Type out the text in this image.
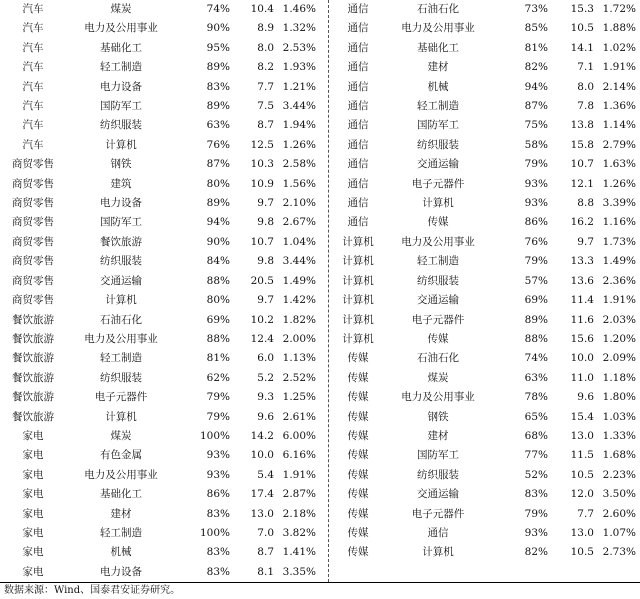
汽车	煤炭	74%	10.4	1.46%
汽车	电力及公用事业	90%	8.9	1.32%
汽车	基础化工	95%	8.0	2.53%
汽车	轻工制造	89%	8.2	1.93%
汽车	电力设备	83%	7.7	1.21%
汽车	国防军工	89%	7.5	3.44%
汽车	纺织服装	63%	8.7	1.94%
汽车	计算机	76%	12.5	1.26%
商贸零售	钢铁	87%	10.3	2.58%
商贸零售	建筑	80%	10.9	1.56%
商贸零售	电力设备	89%	9.7	2.10%
商贸零售	国防军工	94%	9.8	2.67%
商贸零售	餐饮旅游	90%	10.7	1.04%
商贸零售	纺织服装	84%	9.8	3.44%
商贸零售	交通运输	88%	20.5	1.49%
商贸零售	计算机	80%	9.7	1.42%
餐饮旅游	石油石化	69%	10.2	1.82%
餐饮旅游	电力及公用事业	88%	12.4	2.00%
餐饮旅游	轻工制造	81%	6.0	1.13%
餐饮旅游	纺织服装	62%	5.2	2.52%
餐饮旅游	电子元器件	79%	9.3	1.25%
餐饮旅游	计算机	79%	9.6	2.61%
家电	煤炭	100%	14.2	6.00%
家电	有色金属	93%	10.0	6.16%
家电	电力及公用事业	93%	5.4	1.91%
家电	基础化工	86%	17.4	2.87%
家电	建材	83%	13.0	2.18%
家电	轻工制造	100%	7.0	3.82%
家电	机械	83%	8.7	1.41%
家电	电力设备	83%	8.1	3.35%
通信	石油石化	73%	15.3	1.72%
通信	电力及公用事业	85%	10.5	1.88%
通信	基础化工	81%	14.1	1.02%
通信	建材	82%	7.1	1.91%
通信	机械	94%	8.0	2.14%
通信	轻工制造	87%	7.8	1.36%
通信	国防军工	75%	13.8	1.14%
通信	纺织服装	58%	15.8	2.79%
通信	交通运输	79%	10.7	1.63%
通信	电子元器件	93%	12.1	1.26%
通信	计算机	93%	8.8	3.39%
通信	传媒	86%	16.2	1.16%
计算机	电力及公用事业	76%	9.7	1.73%
计算机	轻工制造	79%	13.3	1.49%
计算机	纺织服装	57%	13.6	2.36%
计算机	交通运输	69%	11.4	1.91%
计算机	电子元器件	89%	11.6	2.03%
计算机	传媒	88%	15.6	1.20%
传媒	石油石化	74%	10.0	2.09%
传媒	煤炭	63%	11.0	1.18%
传媒	电力及公用事业	78%	9.6	1.80%
传媒	钢铁	65%	15.4	1.03%
传媒	建材	68%	13.0	1.33%
传媒	国防军工	77%	11.5	1.68%
传媒	纺织服装	52%	10.5	2.23%
传媒	交通运输	83%	12.0	3.50%
传媒	电子元器件	79%	7.7	2.60%
传媒	通信	93%	13.0	1.07%
传媒	计算机	82%	10.5	2.73%

数据来源：Wind、国泰君安证券研究。
